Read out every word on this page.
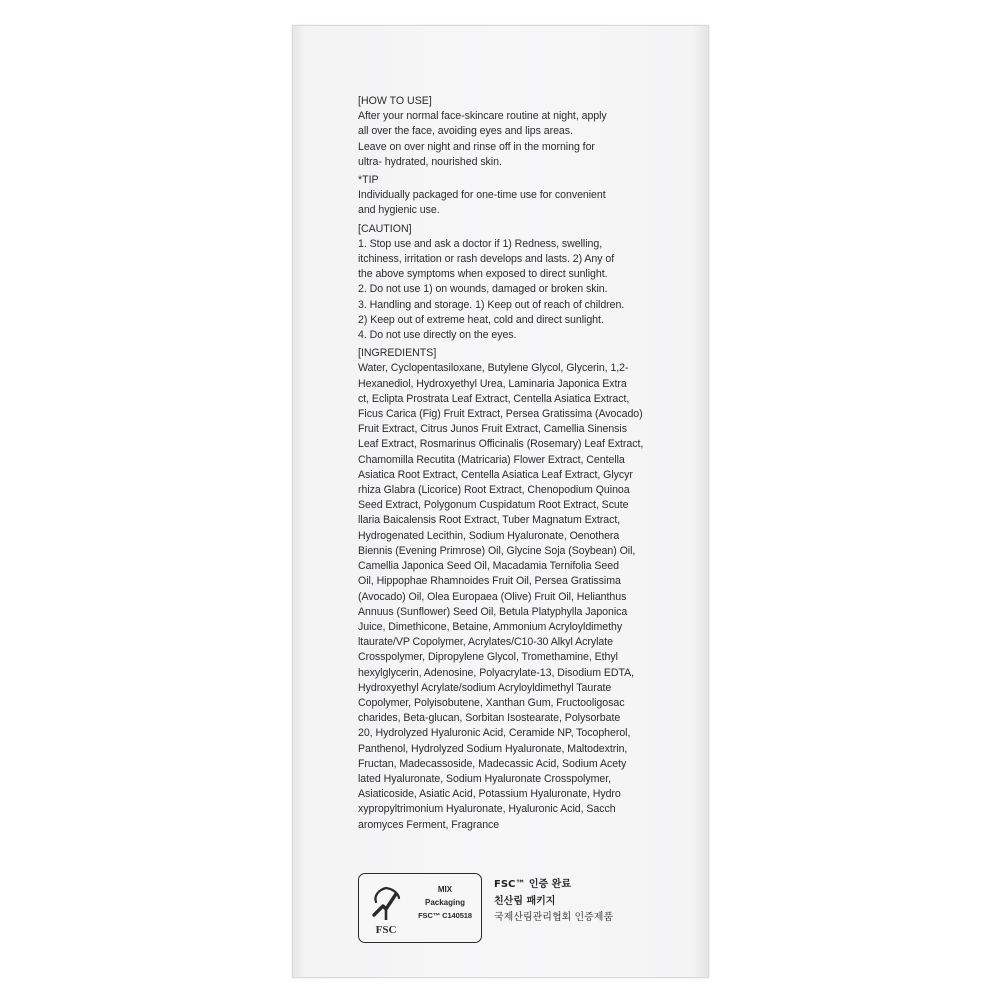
[HOW TO USE]
After your normal face-skincare routine at night, apply
all over the face, avoiding eyes and lips areas.
Leave on over night and rinse off in the morning for
ultra- hydrated, nourished skin.
*TIP
Individually packaged for one-time use for convenient
and hygienic use.
[CAUTION]
1. Stop use and ask a doctor if 1) Redness, swelling,
itchiness, irritation or rash develops and lasts. 2) Any of
the above symptoms when exposed to direct sunlight.
2. Do not use 1) on wounds, damaged or broken skin.
3. Handling and storage. 1) Keep out of reach of children.
2) Keep out of extreme heat, cold and direct sunlight.
4. Do not use directly on the eyes.
[INGREDIENTS]
Water, Cyclopentasiloxane, Butylene Glycol, Glycerin, 1,2-
Hexanediol, Hydroxyethyl Urea, Laminaria Japonica Extra
ct, Eclipta Prostrata Leaf Extract, Centella Asiatica Extract,
Ficus Carica (Fig) Fruit Extract, Persea Gratissima (Avocado)
Fruit Extract, Citrus Junos Fruit Extract, Camellia Sinensis
Leaf Extract, Rosmarinus Officinalis (Rosemary) Leaf Extract,
Chamomilla Recutita (Matricaria) Flower Extract, Centella
Asiatica Root Extract, Centella Asiatica Leaf Extract, Glycyr
rhiza Glabra (Licorice) Root Extract, Chenopodium Quinoa
Seed Extract, Polygonum Cuspidatum Root Extract, Scute
llaria Baicalensis Root Extract, Tuber Magnatum Extract,
Hydrogenated Lecithin, Sodium Hyaluronate, Oenothera
Biennis (Evening Primrose) Oil, Glycine Soja (Soybean) Oil,
Camellia Japonica Seed Oil, Macadamia Ternifolia Seed
Oil, Hippophae Rhamnoides Fruit Oil, Persea Gratissima
(Avocado) Oil, Olea Europaea (Olive) Fruit Oil, Helianthus
Annuus (Sunflower) Seed Oil, Betula Platyphylla Japonica
Juice, Dimethicone, Betaine, Ammonium Acryloyldimethy
ltaurate/VP Copolymer, Acrylates/C10-30 Alkyl Acrylate
Crosspolymer, Dipropylene Glycol, Tromethamine, Ethyl
hexylglycerin, Adenosine, Polyacrylate-13, Disodium EDTA,
Hydroxyethyl Acrylate/sodium Acryloyldimethyl Taurate
Copolymer, Polyisobutene, Xanthan Gum, Fructooligosac
charides, Beta-glucan, Sorbitan Isostearate, Polysorbate
20, Hydrolyzed Hyaluronic Acid, Ceramide NP, Tocopherol,
Panthenol, Hydrolyzed Sodium Hyaluronate, Maltodextrin,
Fructan, Madecassoside, Madecassic Acid, Sodium Acety
lated Hyaluronate, Sodium Hyaluronate Crosspolymer,
Asiaticoside, Asiatic Acid, Potassium Hyaluronate, Hydro
xypropyltrimonium Hyaluronate, Hyaluronic Acid, Sacch
aromyces Ferment, Fragrance
FSC
MIX
Packaging
FSC™ C140518
FSC™ 인증 완료
친산림 패키지
국제산림관리협회 인증제품
